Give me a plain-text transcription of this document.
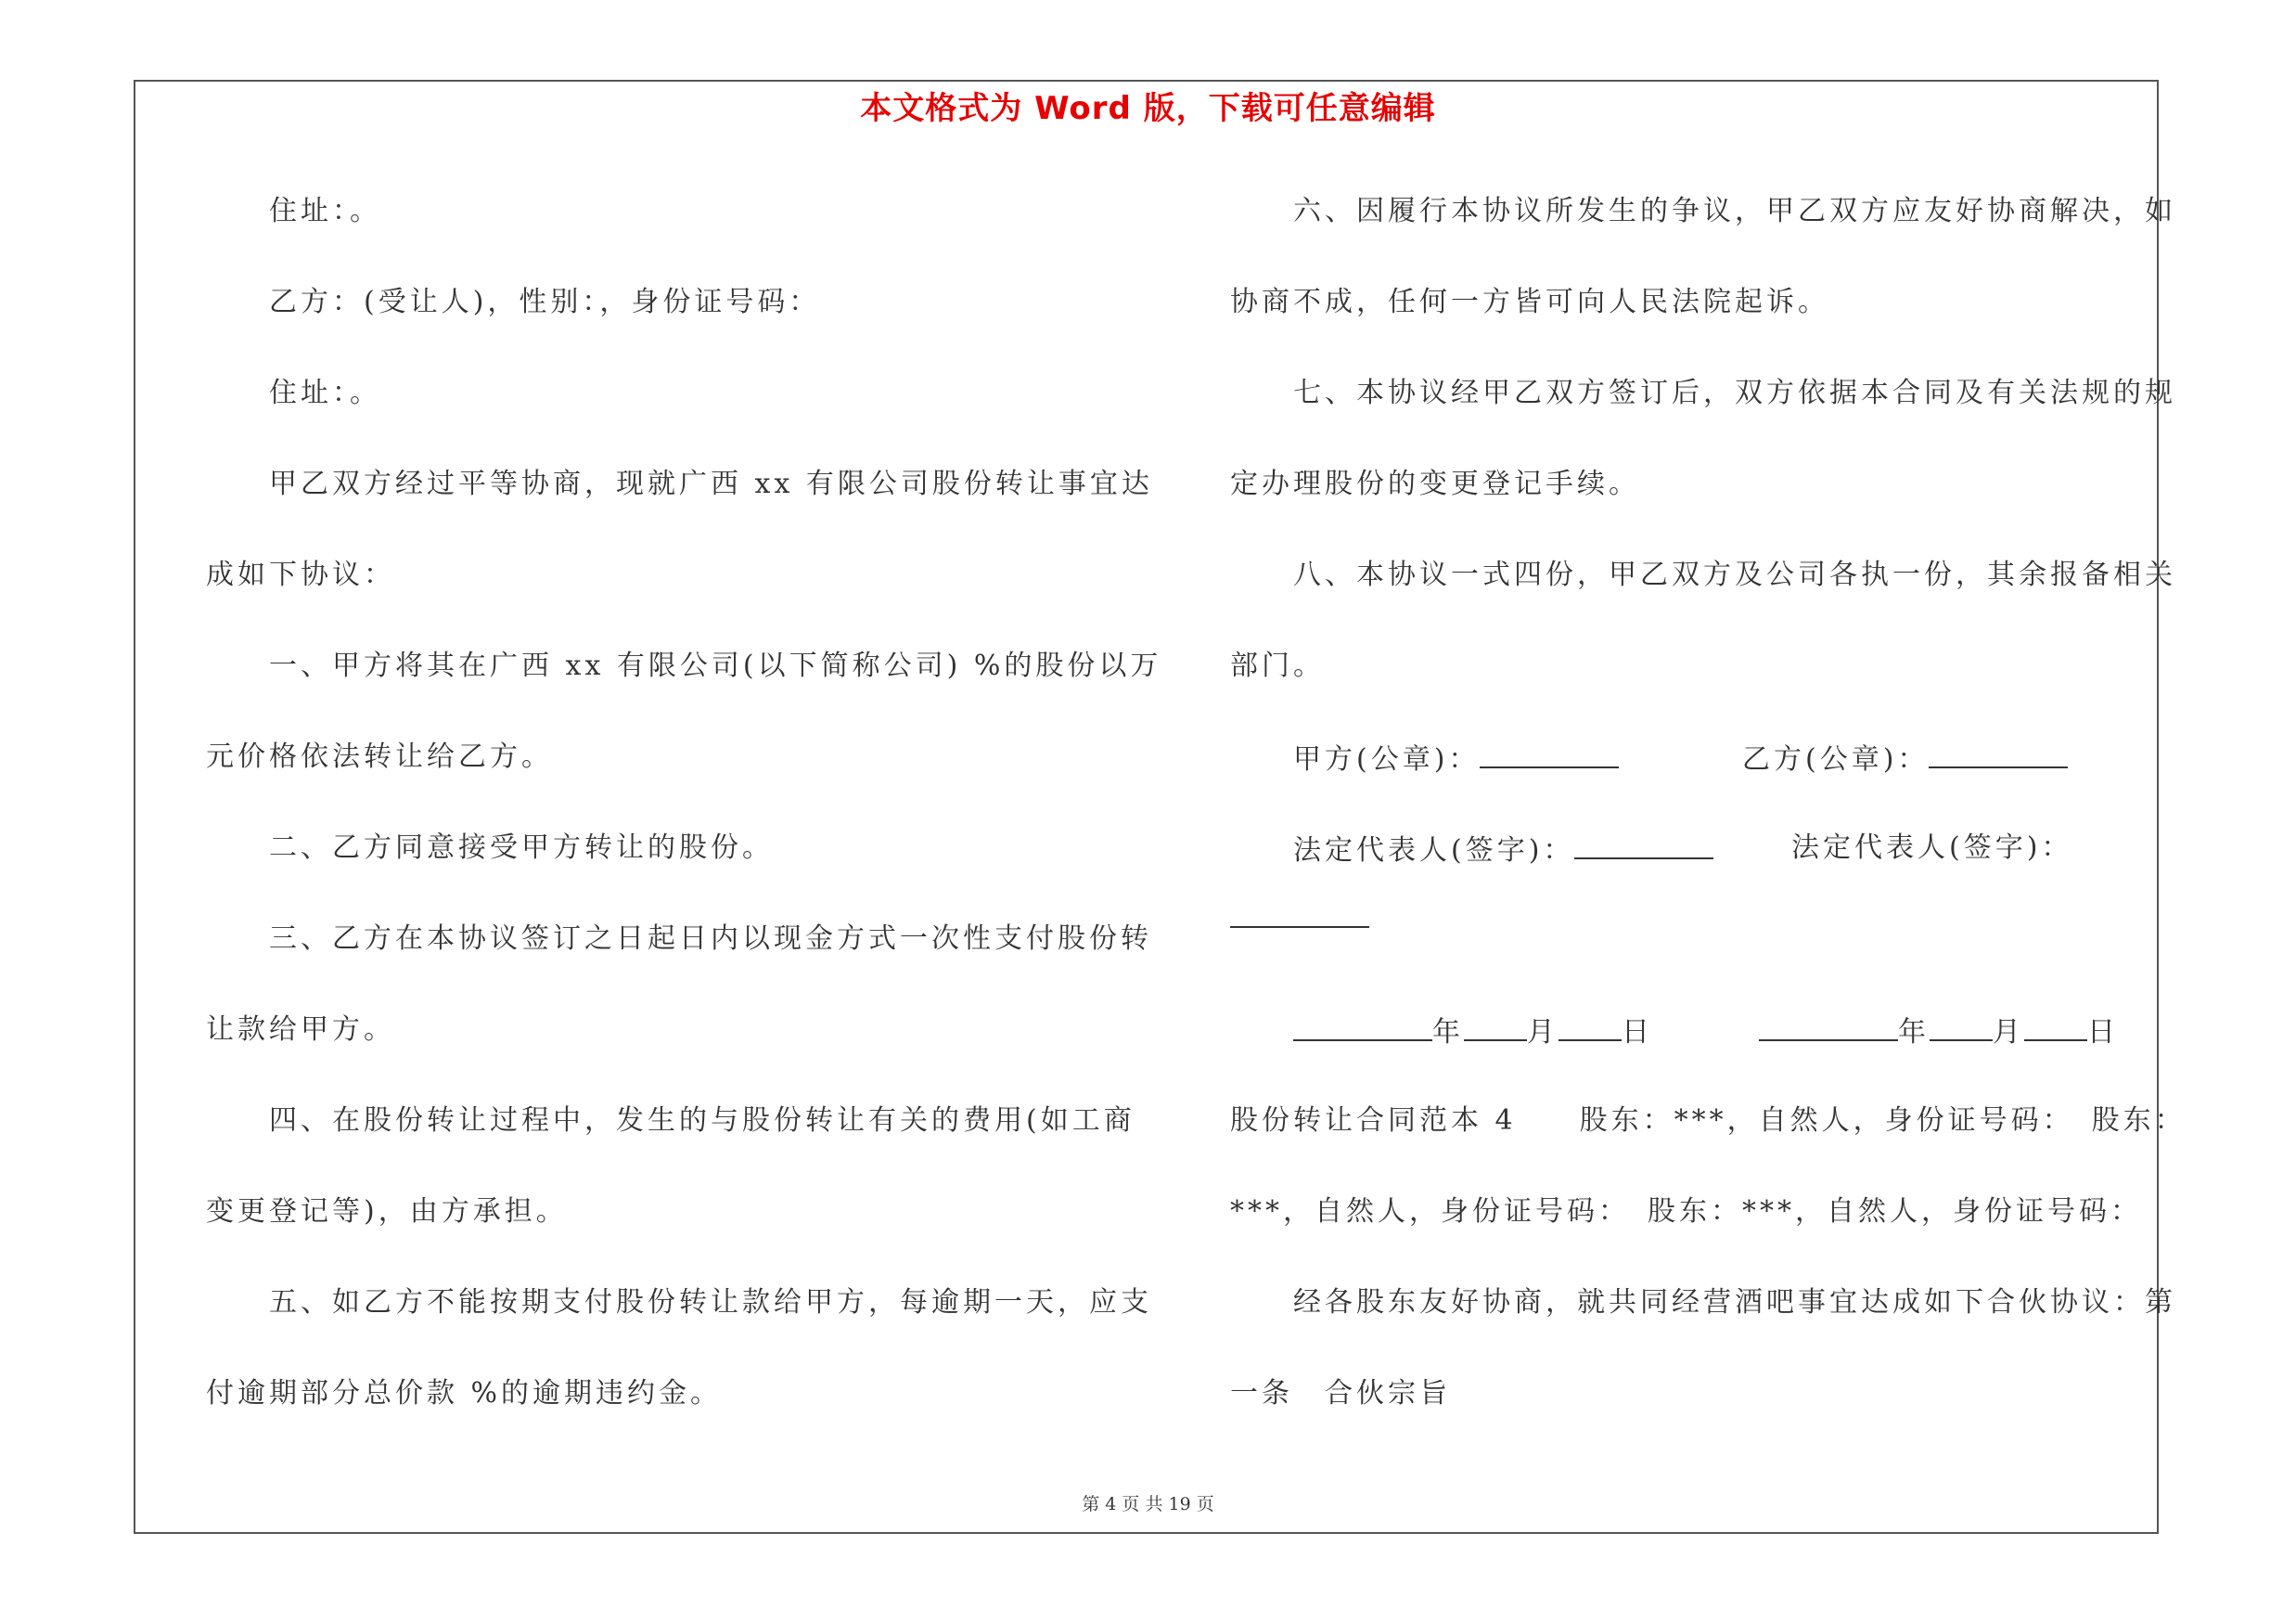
本文格式为 Word 版，下载可任意编辑
住址：。
乙方：(受让人)，性别：，身份证号码：
住址：。
甲乙双方经过平等协商，现就广西 xx 有限公司股份转让事宜达
成如下协议：
一、甲方将其在广西 xx 有限公司(以下简称公司) %的股份以万
元价格依法转让给乙方。
二、乙方同意接受甲方转让的股份。
三、乙方在本协议签订之日起日内以现金方式一次性支付股份转
让款给甲方。
四、在股份转让过程中，发生的与股份转让有关的费用(如工商
变更登记等)，由方承担。
五、如乙方不能按期支付股份转让款给甲方，每逾期一天，应支
付逾期部分总价款 %的逾期违约金。
六、因履行本协议所发生的争议，甲乙双方应友好协商解决，如
协商不成，任何一方皆可向人民法院起诉。
七、本协议经甲乙双方签订后，双方依据本合同及有关法规的规
定办理股份的变更登记手续。
八、本协议一式四份，甲乙双方及公司各执一份，其余报备相关
部门。
甲方(公章)：	乙方(公章)：
法定代表人(签字)：	法定代表人(签字)：
年 月 日	年 月 日
股份转让合同范本 4　　股东：***，自然人，身份证号码：　股东：
***，自然人，身份证号码：　股东：***，自然人，身份证号码：
经各股东友好协商，就共同经营酒吧事宜达成如下合伙协议：第
一条　合伙宗旨
第 4 页 共 19 页
